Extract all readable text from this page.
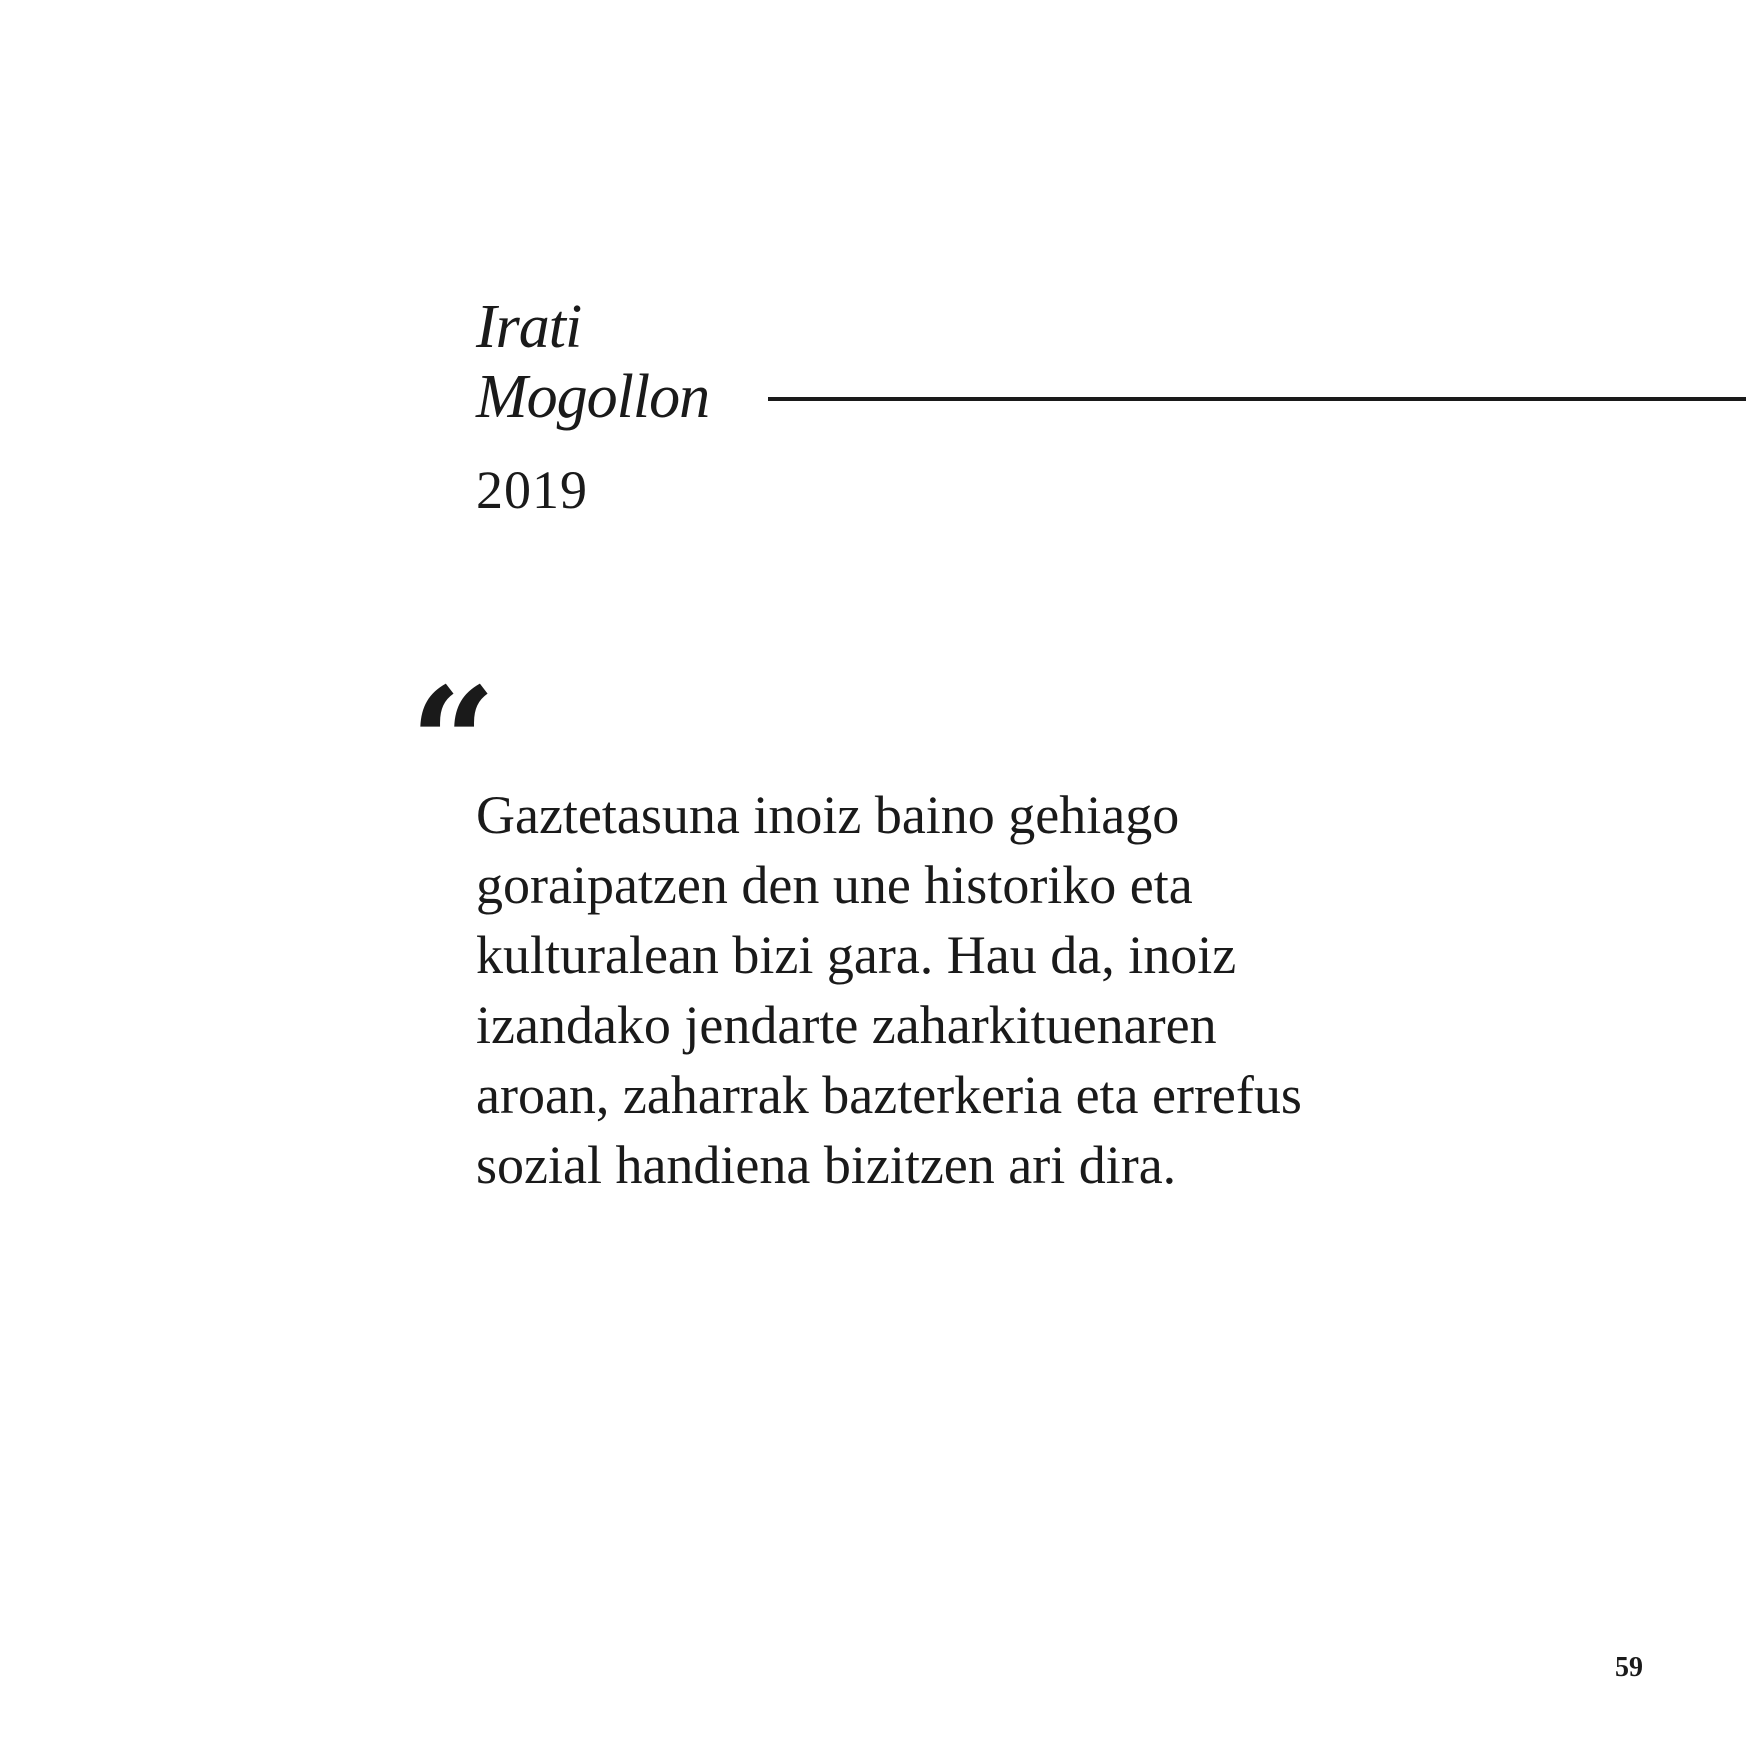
Irati
Mogollon
2019
“
Gaztetasuna inoiz baino gehiago
goraipatzen den une historiko eta
kulturalean bizi gara. Hau da, inoiz
izandako jendarte zaharkituenaren
aroan, zaharrak bazterkeria eta errefus
sozial handiena bizitzen ari dira.
59
